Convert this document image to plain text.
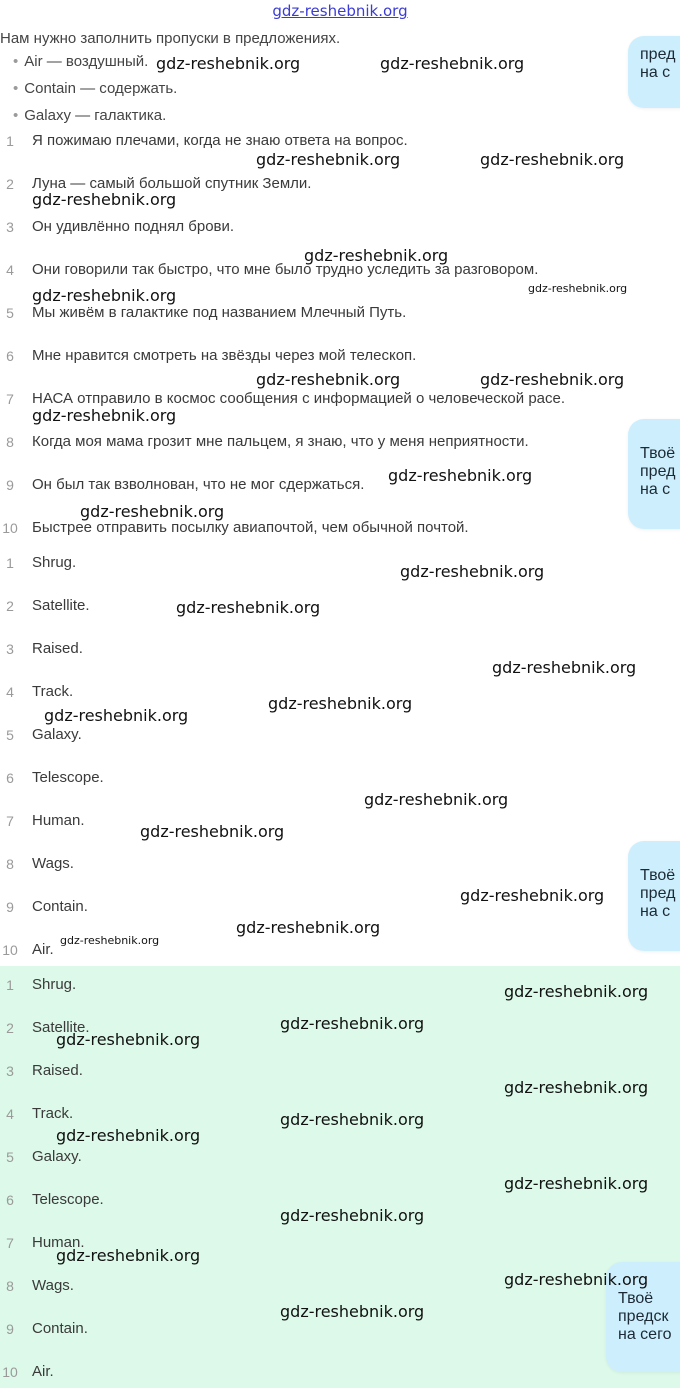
gdz-reshebnik.org
Нам нужно заполнить пропуски в предложениях.
• Air — воздушный.
• Contain — содержать.
• Galaxy — галактика.
1	Я пожимаю плечами, когда не знаю ответа на вопрос.
2	Луна — самый большой спутник Земли.
3	Он удивлённо поднял брови.
4	Они говорили так быстро, что мне было трудно уследить за разговором.
5	Мы живём в галактике под названием Млечный Путь.
6	Мне нравится смотреть на звёзды через мой телескоп.
7	НАСА отправило в космос сообщения с информацией о человеческой расе.
8	Когда моя мама грозит мне пальцем, я знаю, что у меня неприятности.
9	Он был так взволнован, что не мог сдержаться.
10 Быстрее отправить посылку авиапочтой, чем обычной почтой.
1	Shrug.
2	Satellite.
3	Raised.
4	Track.
5	Galaxy.
6	Telescope.
7	Human.
8	Wags.
9	Contain.
10 Air.
1	Shrug.
2	Satellite.
3	Raised.
4	Track.
5	Galaxy.
6	Telescope.
7	Human.
8	Wags.
9	Contain.
10 Air.
пред
на с
Твоё
пред
на с
Твоё
пред
на с
Твоё
предск
на сего
gdz-reshebnik.org	gdz-reshebnik.org
gdz-reshebnik.org	gdz-reshebnik.org
gdz-reshebnik.org
gdz-reshebnik.org
gdz-reshebnik.org
gdz-reshebnik.org
gdz-reshebnik.org	gdz-reshebnik.org
gdz-reshebnik.org
gdz-reshebnik.org
gdz-reshebnik.org
gdz-reshebnik.org
gdz-reshebnik.org
gdz-reshebnik.org
gdz-reshebnik.org
gdz-reshebnik.org
gdz-reshebnik.org
gdz-reshebnik.org
gdz-reshebnik.org
gdz-reshebnik.org
gdz-reshebnik.org
gdz-reshebnik.org
gdz-reshebnik.org
gdz-reshebnik.org
gdz-reshebnik.org
gdz-reshebnik.org
gdz-reshebnik.org
gdz-reshebnik.org
gdz-reshebnik.org
gdz-reshebnik.org
gdz-reshebnik.org
gdz-reshebnik.org
